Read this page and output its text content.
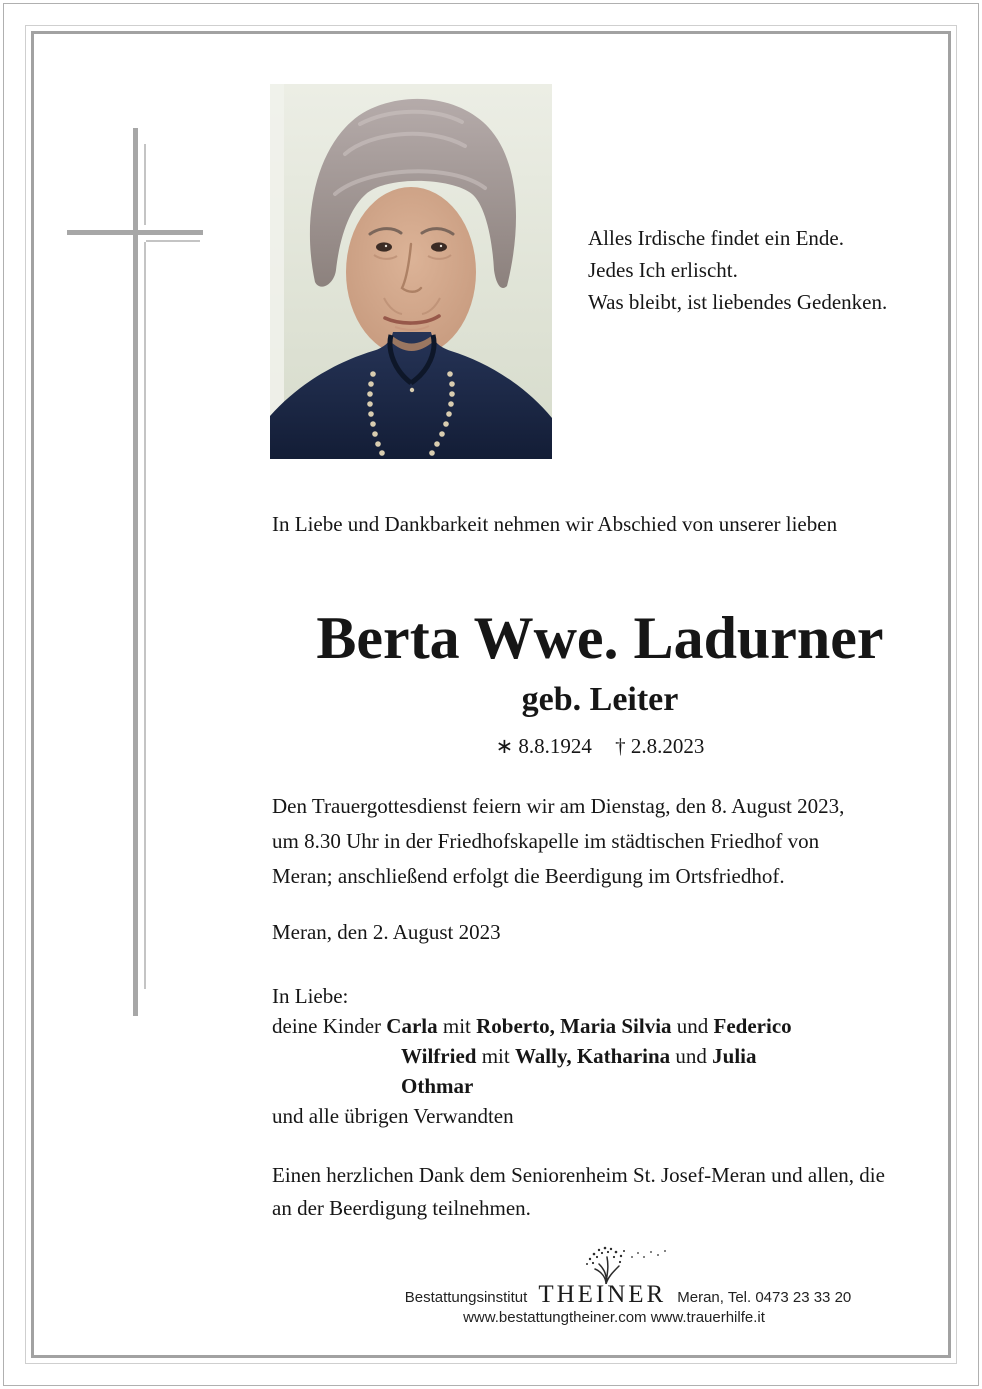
Alles Irdische findet ein Ende.
Jedes Ich erlischt.
Was bleibt, ist liebendes Gedenken.
In Liebe und Dankbarkeit nehmen wir Abschied von unserer lieben
Berta Wwe. Ladurner
geb. Leiter
∗ 8.8.1924 † 2.8.2023
Den Trauergottesdienst feiern wir am Dienstag, den 8. August 2023,
um 8.30 Uhr in der Friedhofskapelle im städtischen Friedhof von
Meran; anschließend erfolgt die Beerdigung im Ortsfriedhof.
Meran, den 2. August 2023
In Liebe:
deine Kinder Carla mit Roberto, Maria Silvia und Federico
Wilfried mit Wally, Katharina und Julia
Othmar
und alle übrigen Verwandten
Einen herzlichen Dank dem Seniorenheim St. Josef-Meran und allen, die
an der Beerdigung teilnehmen.
Bestattungsinstitut THEINER Meran, Tel. 0473 23 33 20
www.bestattungtheiner.com www.trauerhilfe.it
